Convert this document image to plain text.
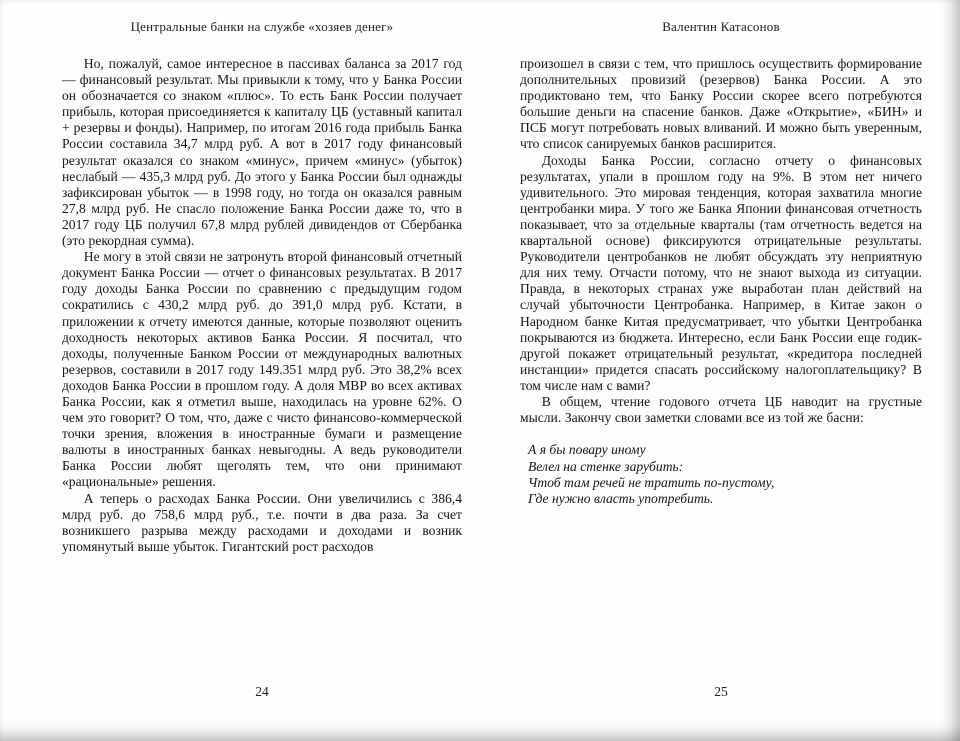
Центральные банки на службе «хозяев денег»	Валентин Катасонов

Но, пожалуй, самое интересное в пассивах баланса за 2017 год — финансовый результат. Мы привыкли к тому, что у Банка России он обозначается со знаком «плюс». То есть Банк России получает прибыль, которая присоединяется к капиталу ЦБ (уставный капитал + резервы и фонды). Например, по итогам 2016 года прибыль Банка России составила 34,7 млрд руб. А вот в 2017 году финансовый результат оказался со знаком «минус», причем «минус» (убыток) неслабый — 435,3 млрд руб. До этого у Банка России был однажды зафиксирован убыток — в 1998 году, но тогда он оказался равным 27,8 млрд руб. Не спасло положение Банка России даже то, что в 2017 году ЦБ получил 67,8 млрд рублей дивидендов от Сбербанка (это рекордная сумма).

Не могу в этой связи не затронуть второй финансовый отчетный документ Банка России — отчет о финансовых результатах. В 2017 году доходы Банка России по сравнению с предыдущим годом сократились с 430,2 млрд руб. до 391,0 млрд руб. Кстати, в приложении к отчету имеются данные, которые позволяют оценить доходность некоторых активов Банка России. Я посчитал, что доходы, полученные Банком России от международных валютных резервов, составили в 2017 году 149.351 млрд руб. Это 38,2% всех доходов Банка России в прошлом году. А доля МВР во всех активах Банка России, как я отметил выше, находилась на уровне 62%. О чем это говорит? О том, что, даже с чисто финансово-коммерческой точки зрения, вложения в иностранные бумаги и размещение валюты в иностранных банках невыгодны. А ведь руководители Банка России любят щеголять тем, что они принимают «рациональные» решения.

А теперь о расходах Банка России. Они увеличились с 386,4 млрд руб. до 758,6 млрд руб., т.е. почти в два раза. За счет возникшего разрыва между расходами и доходами и возник упомянутый выше убыток. Гигантский рост расходов

24

произошел в связи с тем, что пришлось осуществить формирование дополнительных провизий (резервов) Банка России. А это продиктовано тем, что Банку России скорее всего потребуются большие деньги на спасение банков. Даже «Открытие», «БИН» и ПСБ могут потребовать новых вливаний. И можно быть уверенным, что список санируемых банков расширится.

Доходы Банка России, согласно отчету о финансовых результатах, упали в прошлом году на 9%. В этом нет ничего удивительного. Это мировая тенденция, которая захватила многие центробанки мира. У того же Банка Японии финансовая отчетность показывает, что за отдельные кварталы (там отчетность ведется на квартальной основе) фиксируются отрицательные результаты. Руководители центробанков не любят обсуждать эту неприятную для них тему. Отчасти потому, что не знают выхода из ситуации. Правда, в некоторых странах уже выработан план действий на случай убыточности Центробанка. Например, в Китае закон о Народном банке Китая предусматривает, что убытки Центробанка покрываются из бюджета. Интересно, если Банк России еще годик-другой покажет отрицательный результат, «кредитора последней инстанции» придется спасать российскому налогоплательщику? В том числе нам с вами?

В общем, чтение годового отчета ЦБ наводит на грустные мысли. Закончу свои заметки словами все из той же басни:

А я бы повару иному
Велел на стенке зарубить:
Чтоб там речей не тратить по-пустому,
Где нужно власть употребить.
25
